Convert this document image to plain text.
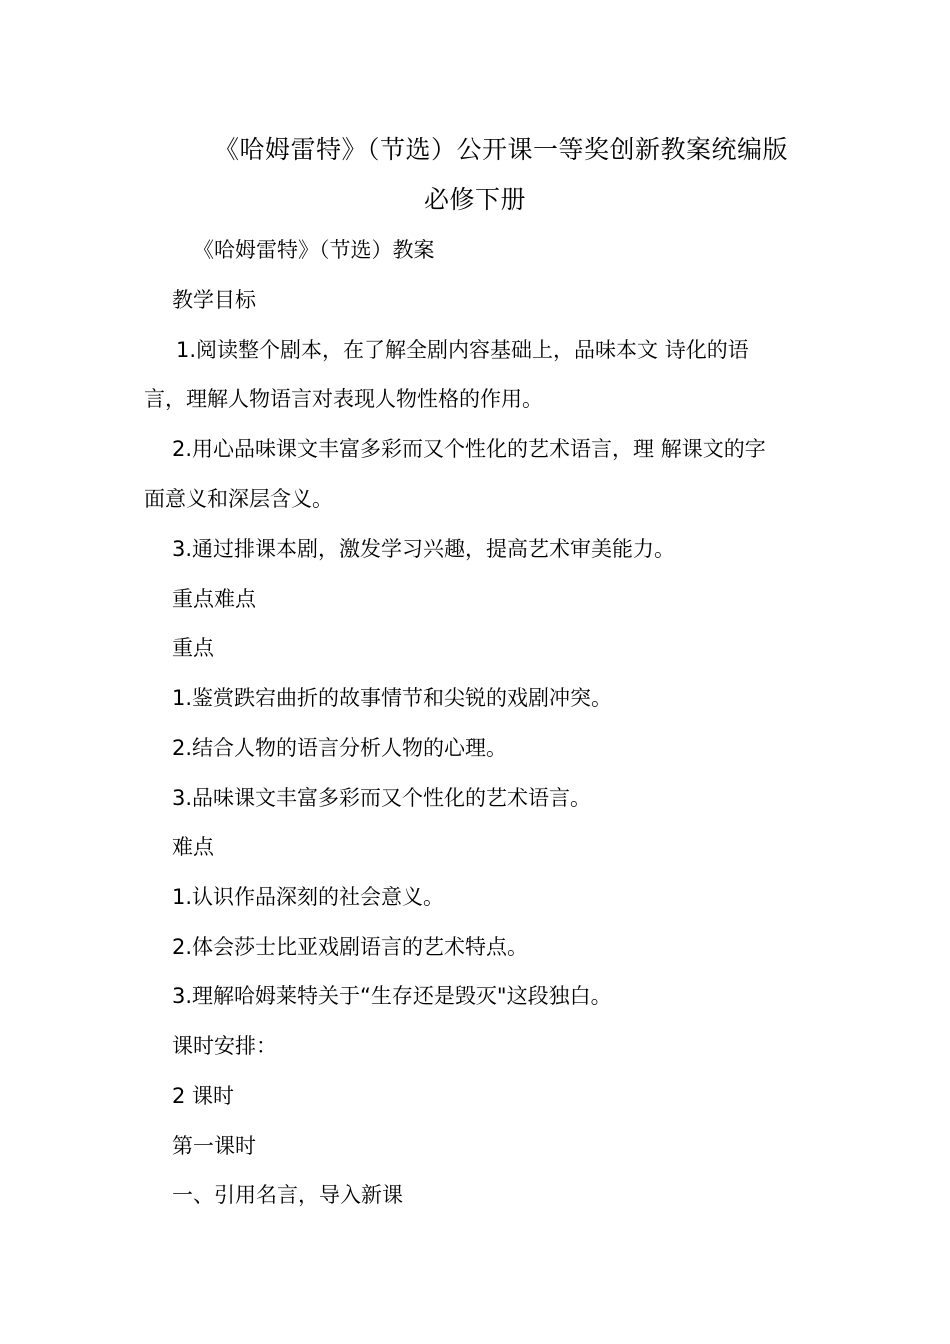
《哈姆雷特》（节选）公开课一等奖创新教案统编版
必修下册
《哈姆雷特》（节选）教案
教学目标
1.阅读整个剧本，在了解全剧内容基础上，品味本文 诗化的语
言，理解人物语言对表现人物性格的作用。
2.用心品味课文丰富多彩而又个性化的艺术语言，理 解课文的字
面意义和深层含义。
3.通过排课本剧，激发学习兴趣，提高艺术审美能力。
重点难点
重点
1.鉴赏跌宕曲折的故事情节和尖锐的戏剧冲突。
2.结合人物的语言分析人物的心理。
3.品味课文丰富多彩而又个性化的艺术语言。
难点
1.认识作品深刻的社会意义。
2.体会莎士比亚戏剧语言的艺术特点。
3.理解哈姆莱特关于“生存还是毁灭"这段独白。
课时安排：
2 课时
第一课时
一、引用名言，导入新课
